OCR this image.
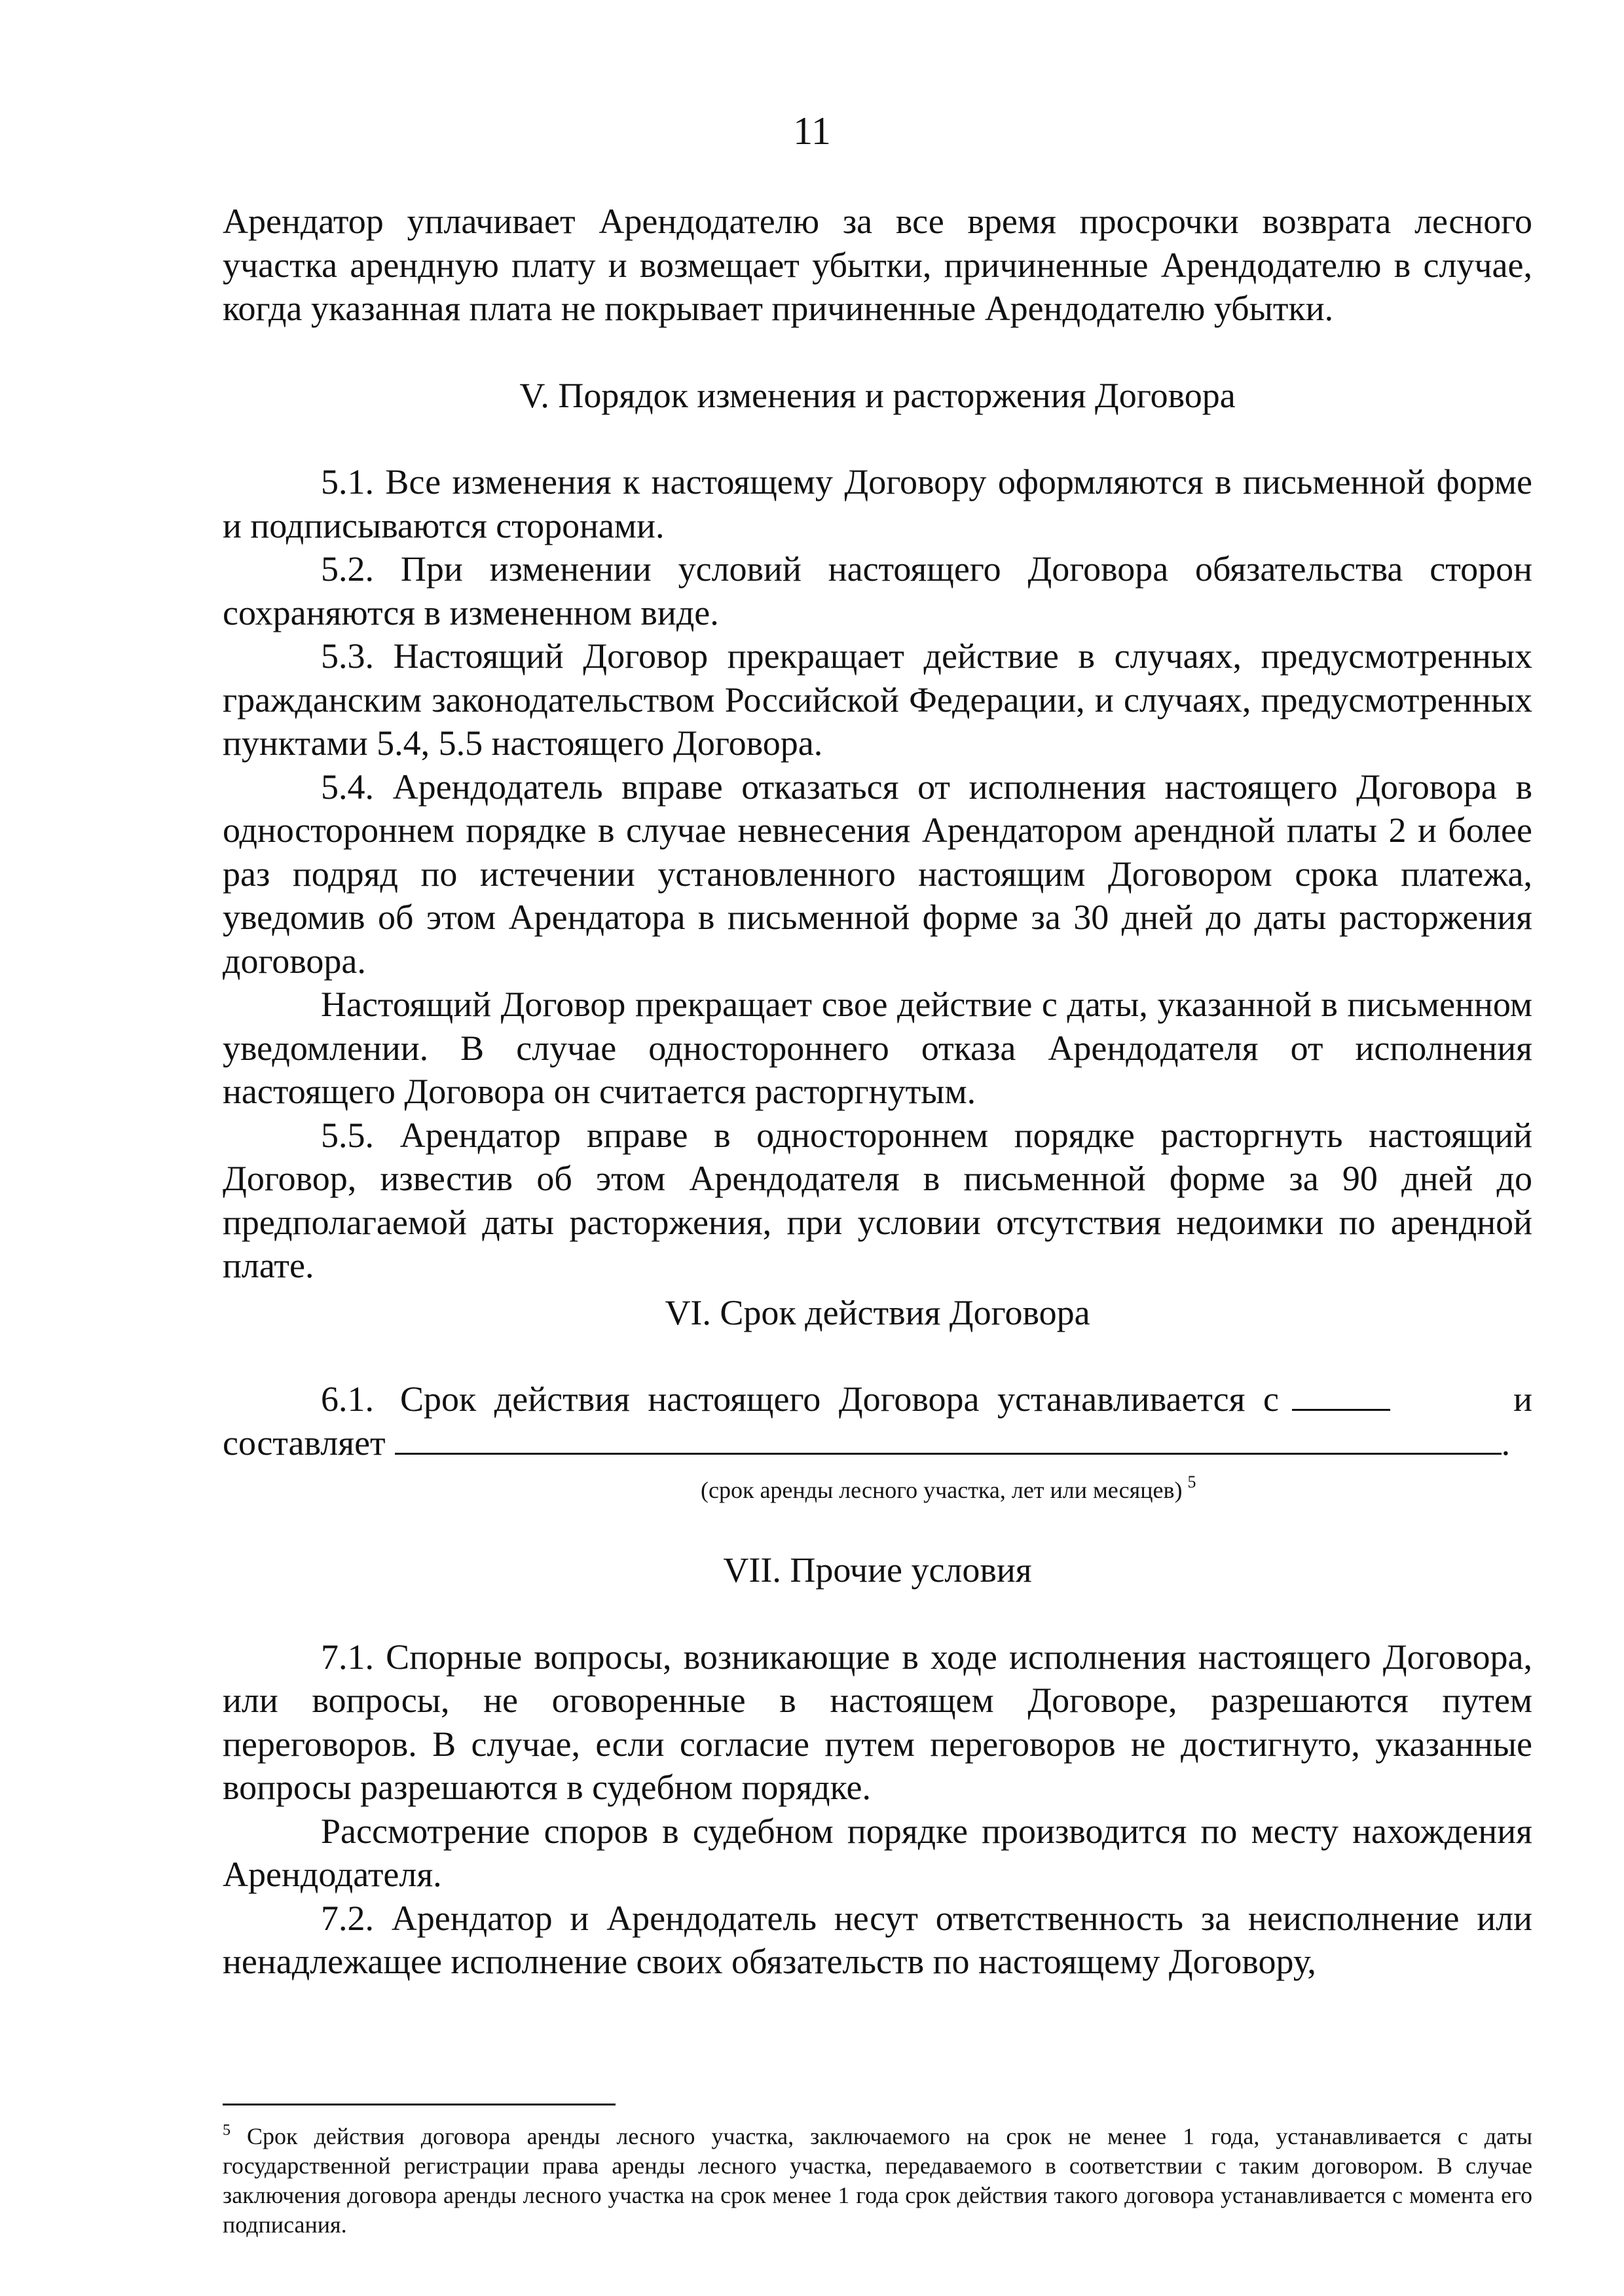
11

Арендатор уплачивает Арендодателю за все время просрочки возврата лесного участка арендную плату и возмещает убытки, причиненные Арендодателю в случае, когда указанная плата не покрывает причиненные Арендодателю убытки.

V. Порядок изменения и расторжения Договора

5.1. Все изменения к настоящему Договору оформляются в письменной форме и подписываются сторонами.

5.2. При изменении условий настоящего Договора обязательства сторон сохраняются в измененном виде.

5.3. Настоящий Договор прекращает действие в случаях, предусмотренных гражданским законодательством Российской Федерации, и случаях, предусмотренных пунктами 5.4, 5.5 настоящего Договора.

5.4. Арендодатель вправе отказаться от исполнения настоящего Договора в одностороннем порядке в случае невнесения Арендатором арендной платы 2 и более раз подряд по истечении установленного настоящим Договором срока платежа, уведомив об этом Арендатора в письменной форме за 30 дней до даты расторжения договора.

Настоящий Договор прекращает свое действие с даты, указанной в письменном уведомлении. В случае одностороннего отказа Арендодателя от исполнения настоящего Договора он считается расторгнутым.

5.5. Арендатор вправе в одностороннем порядке расторгнуть настоящий Договор, известив об этом Арендодателя в письменной форме за 90 дней до предполагаемой даты расторжения, при условии отсутствия недоимки по арендной плате.

VI. Срок действия Договора

6.1. Срок действия настоящего Договора устанавливается с	и
составляет	.

(срок аренды лесного участка, лет или месяцев) $^5$

VII. Прочие условия

7.1. Спорные вопросы, возникающие в ходе исполнения настоящего Договора, или вопросы, не оговоренные в настоящем Договоре, разрешаются путем переговоров. В случае, если согласие путем переговоров не достигнуто, указанные вопросы разрешаются в судебном порядке.

Рассмотрение споров в судебном порядке производится по месту нахождения Арендодателя.

7.2. Арендатор и Арендодатель несут ответственность за неисполнение или ненадлежащее исполнение своих обязательств по настоящему Договору,

$^5$ Срок действия договора аренды лесного участка, заключаемого на срок не менее 1 года, устанавливается с даты государственной регистрации права аренды лесного участка, передаваемого в соответствии с таким договором. В случае заключения договора аренды лесного участка на срок менее 1 года срок действия такого договора устанавливается с момента его подписания.
